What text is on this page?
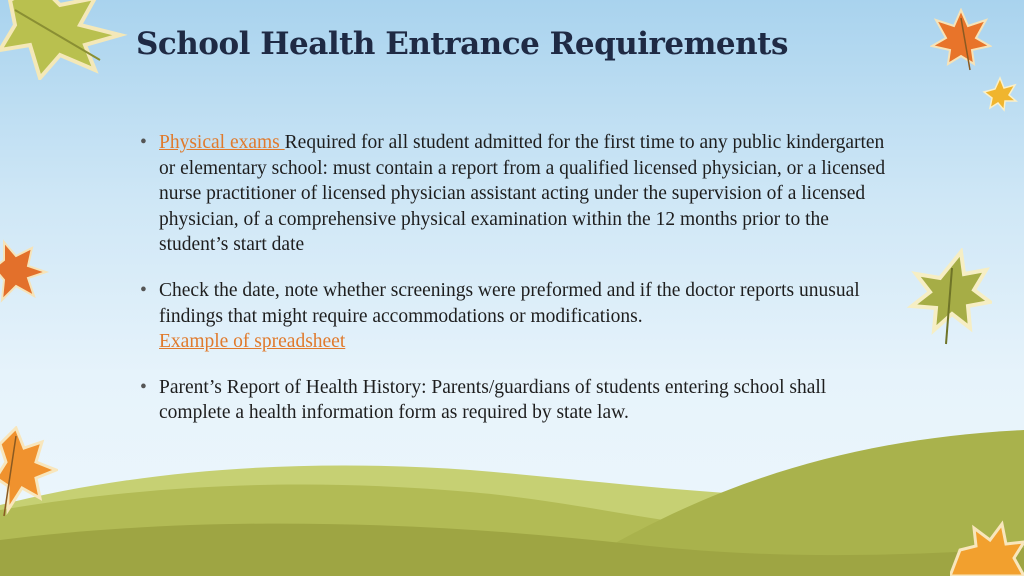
School Health Entrance Requirements
• Physical exams Required for all student admitted for the first time to any public kindergarten or elementary school: must contain a report from a qualified licensed physician, or a licensed nurse practitioner of licensed physician assistant acting under the supervision of a licensed physician, of a comprehensive physical examination within the 12 months prior to the student’s start date
• Check the date, note whether screenings were preformed and if the doctor reports unusual findings that might require accommodations or modifications.
Example of spreadsheet
• Parent’s Report of Health History: Parents/guardians of students entering school shall complete a health information form as required by state law.
